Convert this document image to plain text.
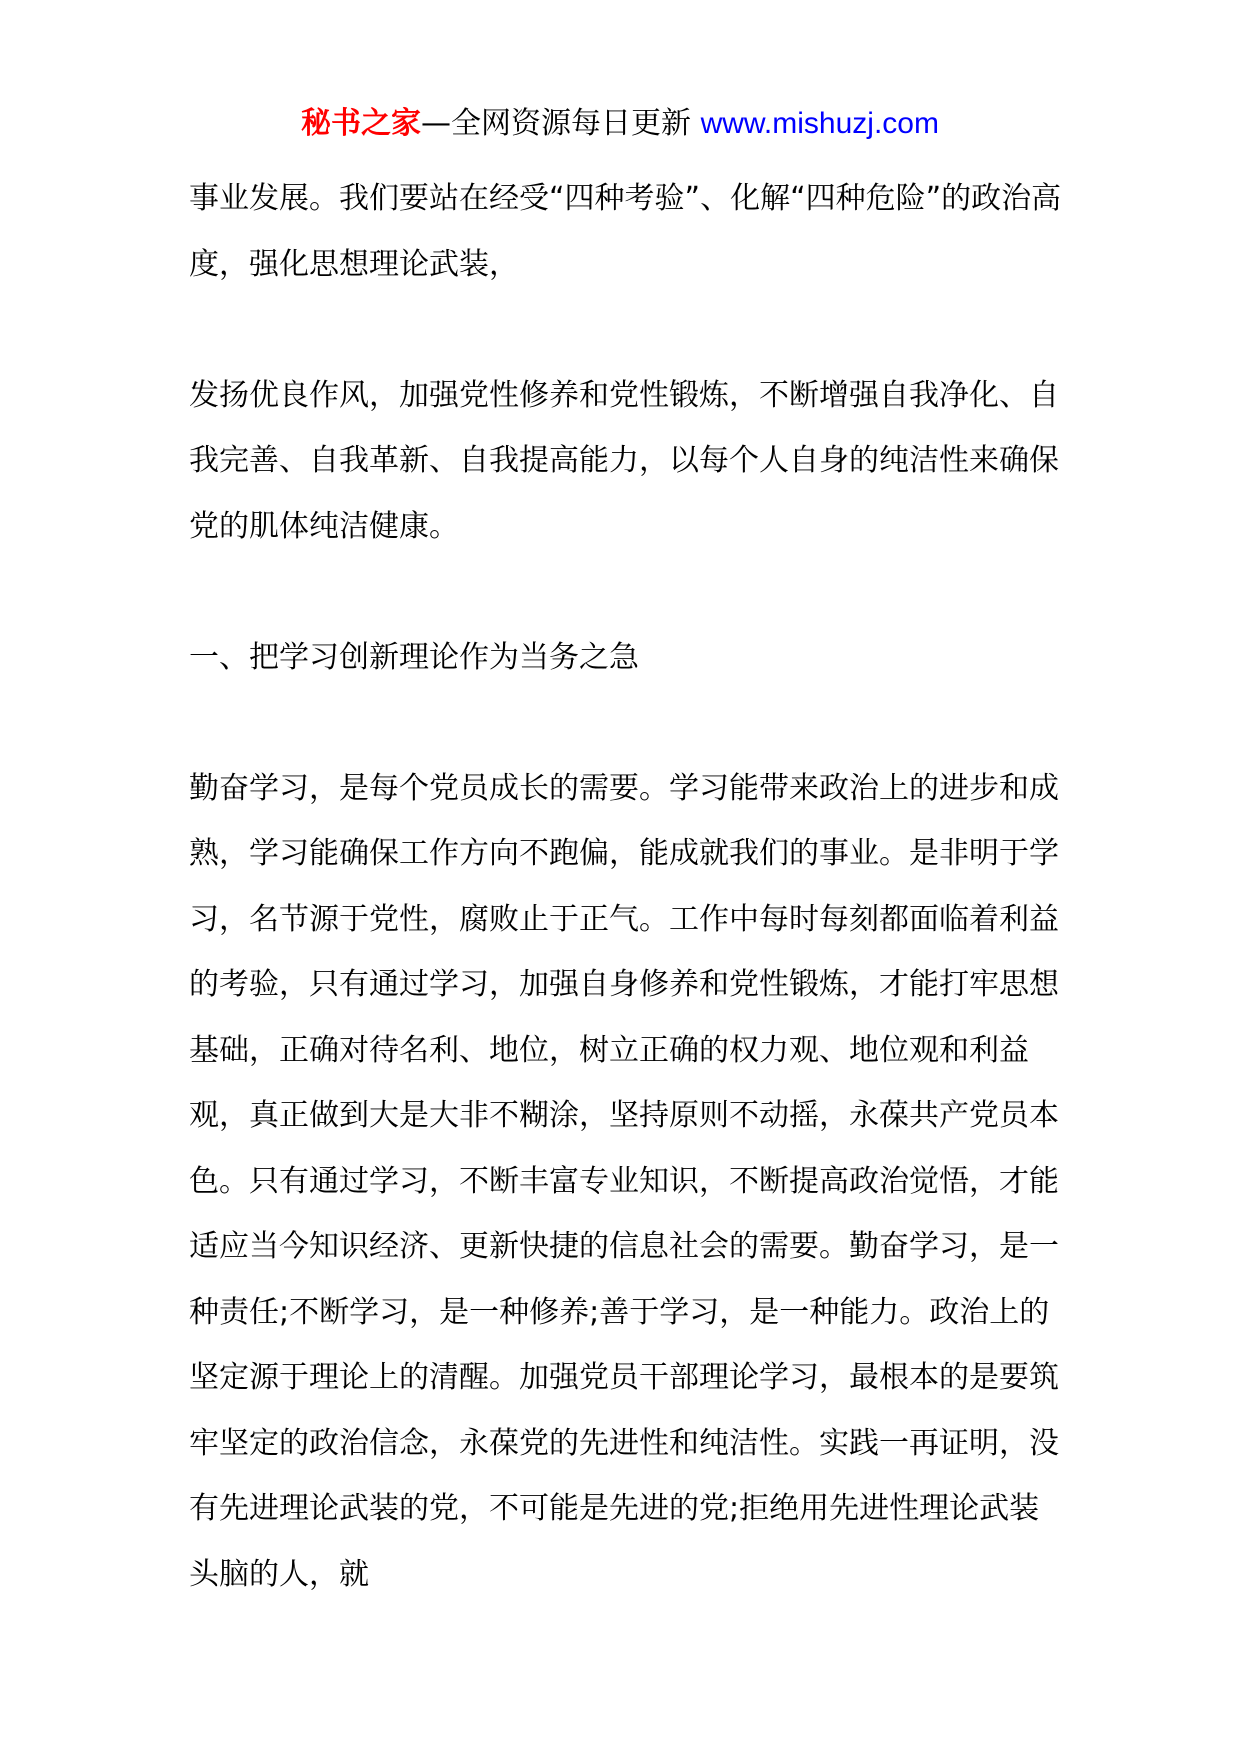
秘书之家—全网资源每日更新 www.mishuzj.com

事业发展。我们要站在经受“四种考验”、化解“四种危险”的政治高度，强化思想理论武装，

发扬优良作风，加强党性修养和党性锻炼，不断增强自我净化、自我完善、自我革新、自我提高能力，以每个人自身的纯洁性来确保党的肌体纯洁健康。

一、把学习创新理论作为当务之急

勤奋学习，是每个党员成长的需要。学习能带来政治上的进步和成熟，学习能确保工作方向不跑偏，能成就我们的事业。是非明于学习，名节源于党性，腐败止于正气。工作中每时每刻都面临着利益的考验，只有通过学习，加强自身修养和党性锻炼，才能打牢思想基础，正确对待名利、地位，树立正确的权力观、地位观和利益观，真正做到大是大非不糊涂，坚持原则不动摇，永葆共产党员本色。只有通过学习，不断丰富专业知识，不断提高政治觉悟，才能适应当今知识经济、更新快捷的信息社会的需要。勤奋学习，是一种责任;不断学习，是一种修养;善于学习，是一种能力。政治上的坚定源于理论上的清醒。加强党员干部理论学习，最根本的是要筑牢坚定的政治信念，永葆党的先进性和纯洁性。实践一再证明，没有先进理论武装的党，不可能是先进的党;拒绝用先进性理论武装头脑的人，就
